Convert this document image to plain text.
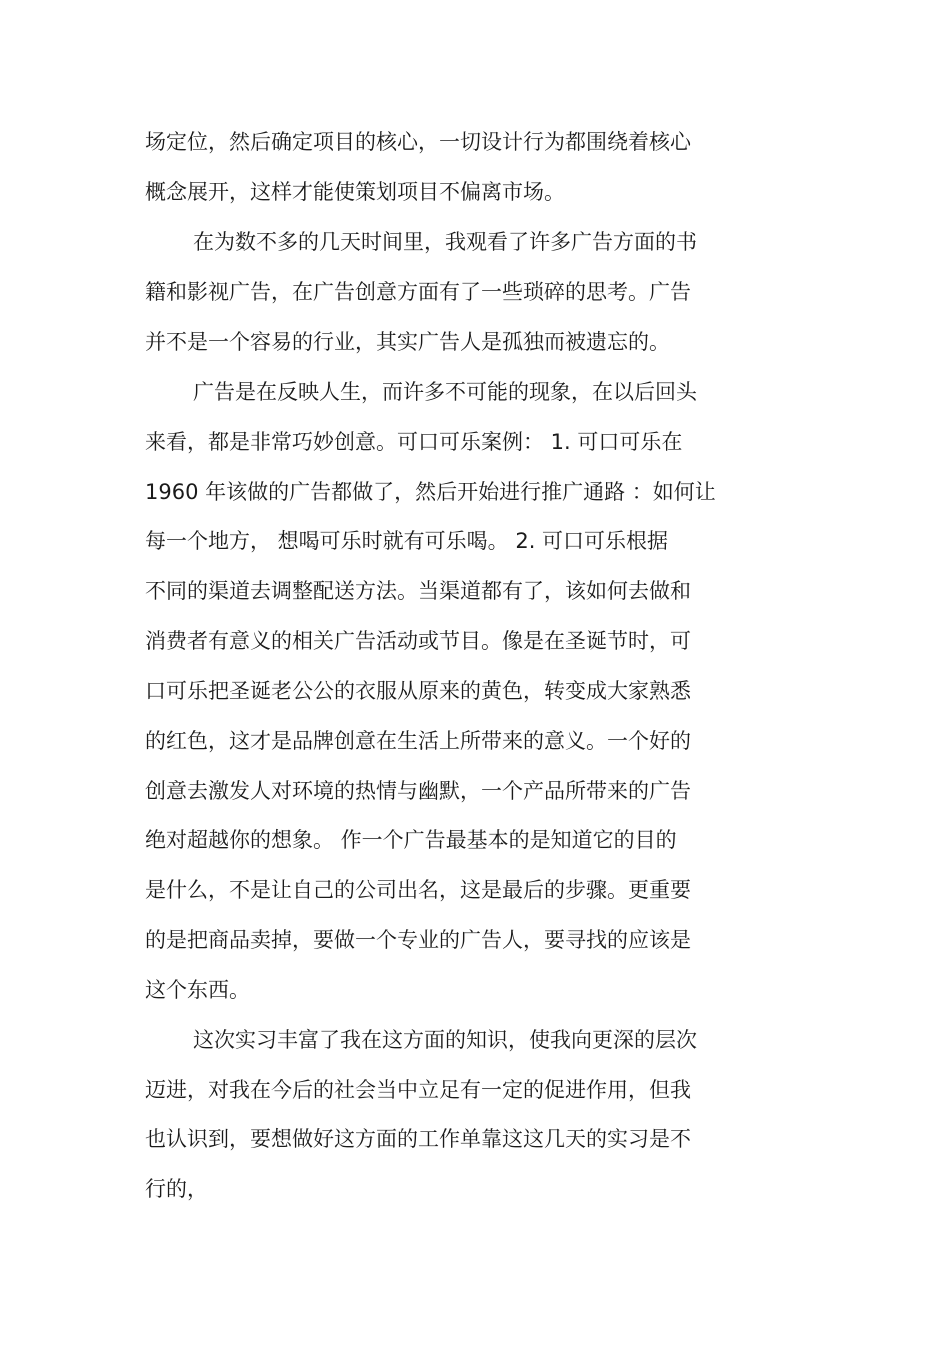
场定位，然后确定项目的核心，一切设计行为都围绕着核心
概念展开，这样才能使策划项目不偏离市场。
在为数不多的几天时间里，我观看了许多广告方面的书
籍和影视广告，在广告创意方面有了一些琐碎的思考。广告
并不是一个容易的行业，其实广告人是孤独而被遗忘的。
广告是在反映人生，而许多不可能的现象，在以后回头
来看，都是非常巧妙创意。可口可乐案例： 1. 可口可乐在
1960 年该做的广告都做了，然后开始进行推广通路 ：如何让
每一个地方， 想喝可乐时就有可乐喝。 2. 可口可乐根据
不同的渠道去调整配送方法。当渠道都有了，该如何去做和
消费者有意义的相关广告活动或节目。像是在圣诞节时，可
口可乐把圣诞老公公的衣服从原来的黄色，转变成大家熟悉
的红色，这才是品牌创意在生活上所带来的意义。一个好的
创意去激发人对环境的热情与幽默，一个产品所带来的广告
绝对超越你的想象。 作一个广告最基本的是知道它的目的
是什么，不是让自己的公司出名，这是最后的步骤。更重要
的是把商品卖掉，要做一个专业的广告人，要寻找的应该是
这个东西。
这次实习丰富了我在这方面的知识，使我向更深的层次
迈进，对我在今后的社会当中立足有一定的促进作用，但我
也认识到，要想做好这方面的工作单靠这这几天的实习是不
行的，
